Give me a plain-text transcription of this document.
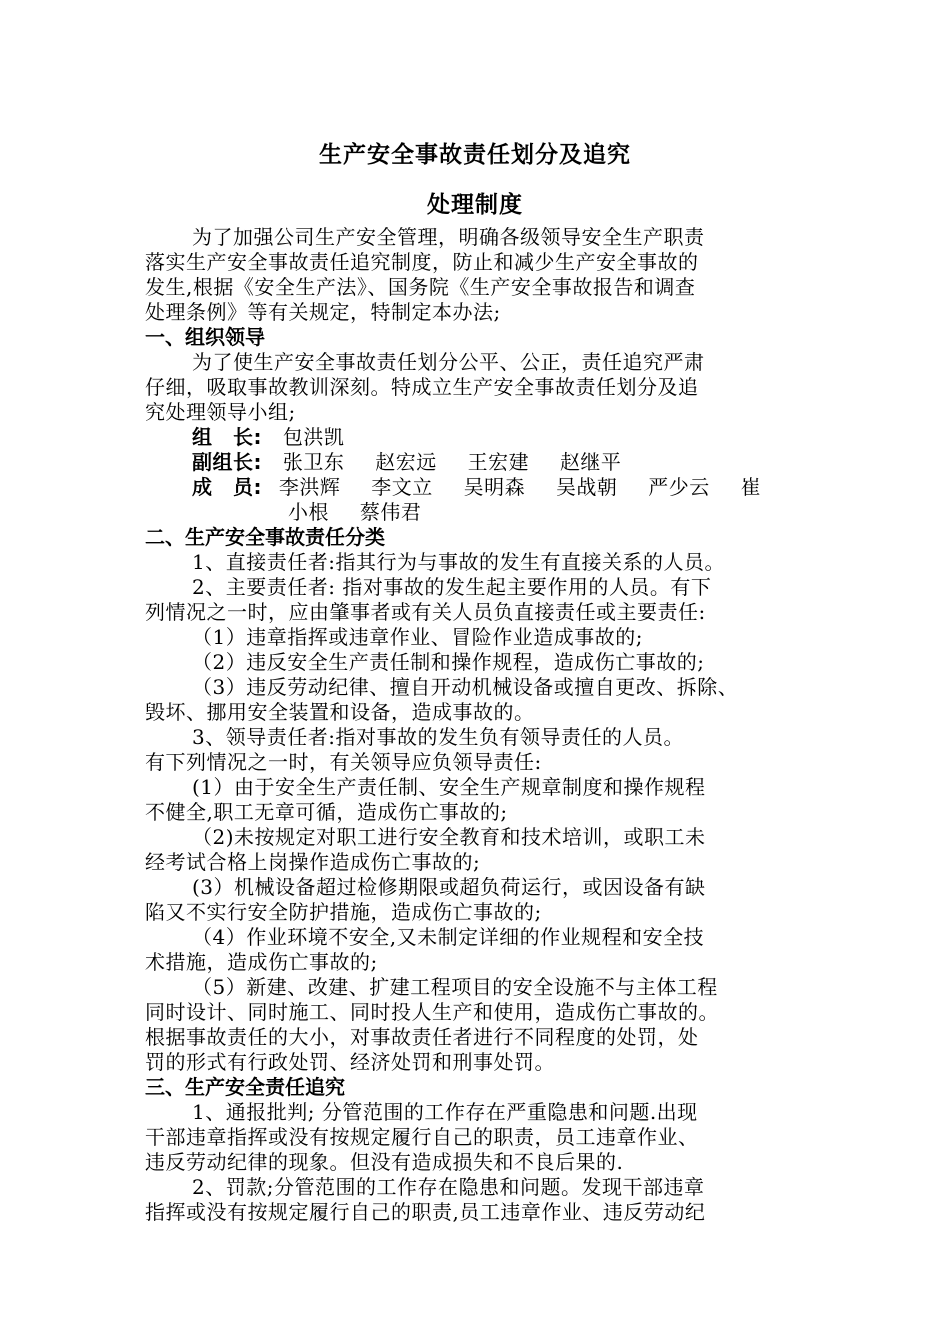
生产安全事故责任划分及追究
处理制度
为了加强公司生产安全管理，明确各级领导安全生产职责
落实生产安全事故责任追究制度，防止和减少生产安全事故的
发生,根据《安全生产法》、国务院《生产安全事故报告和调查
处理条例》等有关规定，特制定本办法;
一、组织领导
为了使生产安全事故责任划分公平、公正，责任追究严肃
仔细，吸取事故教训深刻。特成立生产安全事故责任划分及追
究处理领导小组;
组　长: 包洪凯
副组长: 张卫东 赵宏远 王宏建 赵继平
成　员: 李洪辉 李文立 吴明森 吴战朝 严少云 崔
小根 蔡伟君
二、生产安全事故责任分类
1、直接责任者:指其行为与事故的发生有直接关系的人员。
2、主要责任者: 指对事故的发生起主要作用的人员。有下
列情况之一时，应由肇事者或有关人员负直接责任或主要责任:
（1）违章指挥或违章作业、冒险作业造成事故的;
（2）违反安全生产责任制和操作规程，造成伤亡事故的;
（3）违反劳动纪律、擅自开动机械设备或擅自更改、拆除、
毁坏、挪用安全装置和设备，造成事故的。
3、领导责任者:指对事故的发生负有领导责任的人员。
有下列情况之一时，有关领导应负领导责任:
(1）由于安全生产责任制、安全生产规章制度和操作规程
不健全,职工无章可循，造成伤亡事故的;
（2)未按规定对职工进行安全教育和技术培训，或职工未
经考试合格上岗操作造成伤亡事故的;
(3）机械设备超过检修期限或超负荷运行，或因设备有缺
陷又不实行安全防护措施，造成伤亡事故的;
（4）作业环境不安全,又未制定详细的作业规程和安全技
术措施，造成伤亡事故的;
（5）新建、改建、扩建工程项目的安全设施不与主体工程
同时设计、同时施工、同时投人生产和使用，造成伤亡事故的。
根据事故责任的大小，对事故责任者进行不同程度的处罚，处
罚的形式有行政处罚、经济处罚和刑事处罚。
三、生产安全责任追究
1、通报批判; 分管范围的工作存在严重隐患和问题.出现
干部违章指挥或没有按规定履行自己的职责，员工违章作业、
违反劳动纪律的现象。但没有造成损失和不良后果的.
2、罚款;分管范围的工作存在隐患和问题。发现干部违章
指挥或没有按规定履行自己的职责,员工违章作业、违反劳动纪
